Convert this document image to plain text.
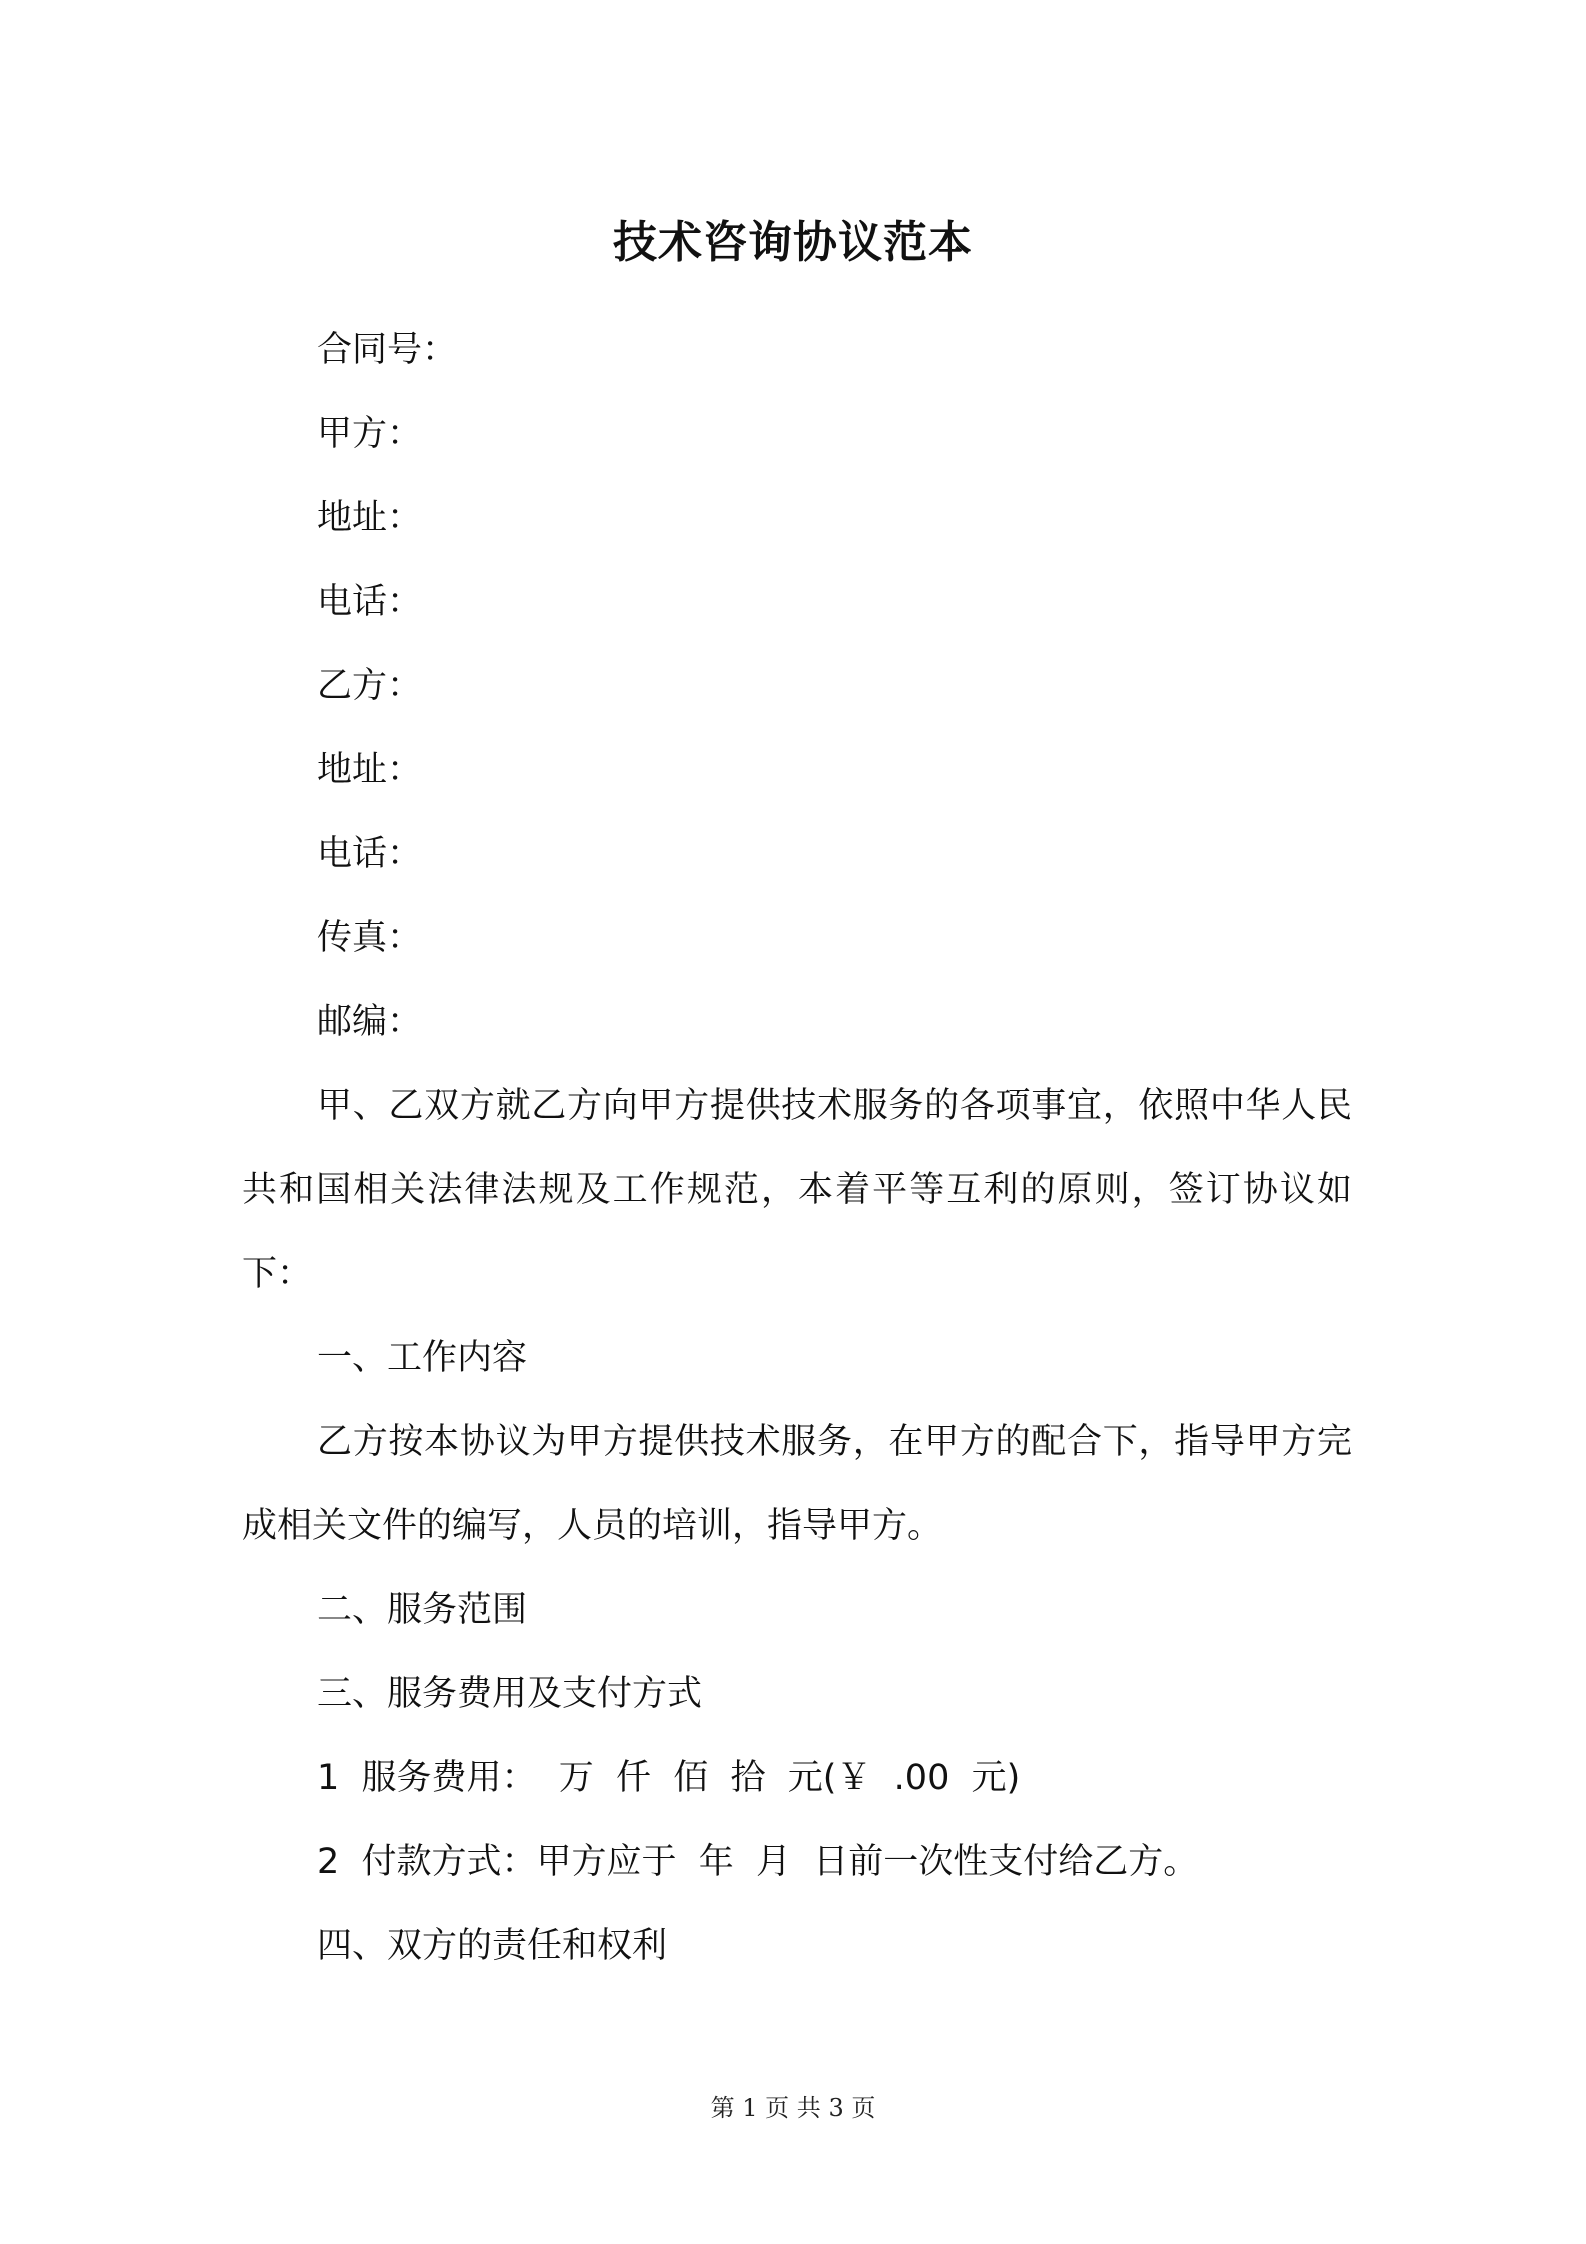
技术咨询协议范本
合同号：
甲方：
地址：
电话：
乙方：
地址：
电话：
传真：
邮编：

甲、乙双方就乙方向甲方提供技术服务的各项事宜，依照中华人民共和国相关法律法规及工作规范，本着平等互利的原则，签订协议如下：

一、工作内容

乙方按本协议为甲方提供技术服务，在甲方的配合下，指导甲方完成相关文件的编写，人员的培训，指导甲方。

二、服务范围
三、服务费用及支付方式
1  服务费用：  万  仟  佰  拾  元(￥  .00  元)
2  付款方式：甲方应于  年  月  日前一次性支付给乙方。
四、双方的责任和权利
第 1 页 共 3 页
